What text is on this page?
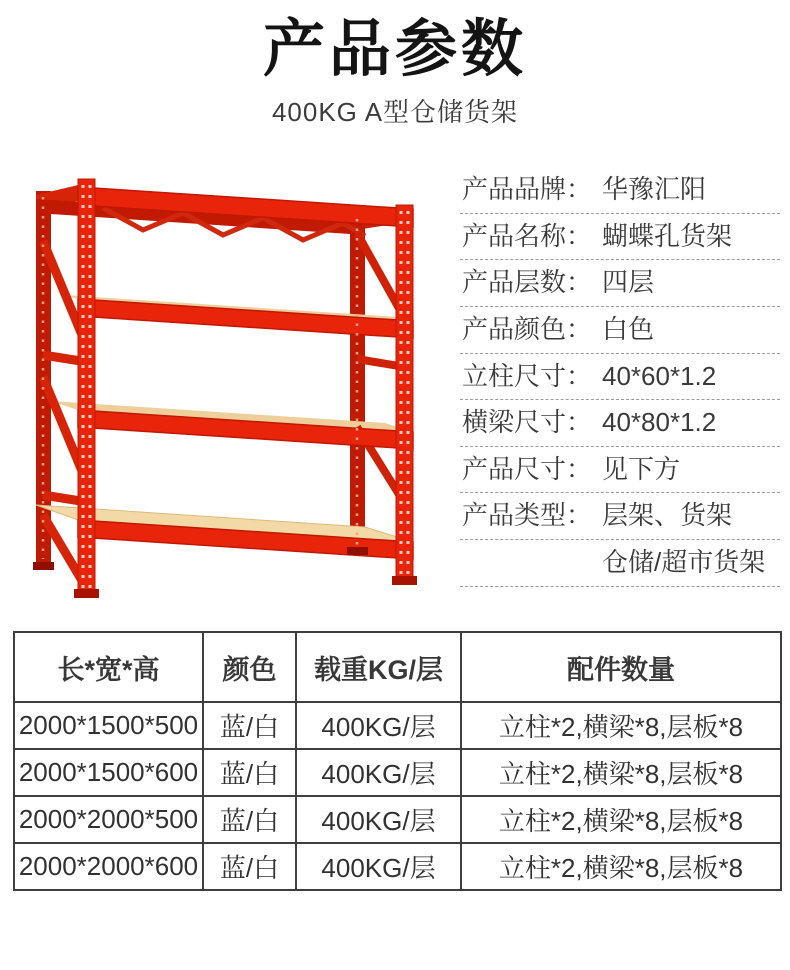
产品参数
400KG A型仓储货架
产品品牌： 华豫汇阳
产品名称： 蝴蝶孔货架
产品层数： 四层
产品颜色： 白色
立柱尺寸： 40*60*1.2
横梁尺寸： 40*80*1.2
产品尺寸： 见下方
产品类型： 层架、货架
仓储/超市货架
长*宽*高	颜色	载重KG/层	配件数量
2000*1500*500	蓝/白	400KG/层	立柱*2,横梁*8,层板*8
2000*1500*600	蓝/白	400KG/层	立柱*2,横梁*8,层板*8
2000*2000*500	蓝/白	400KG/层	立柱*2,横梁*8,层板*8
2000*2000*600	蓝/白	400KG/层	立柱*2,横梁*8,层板*8
